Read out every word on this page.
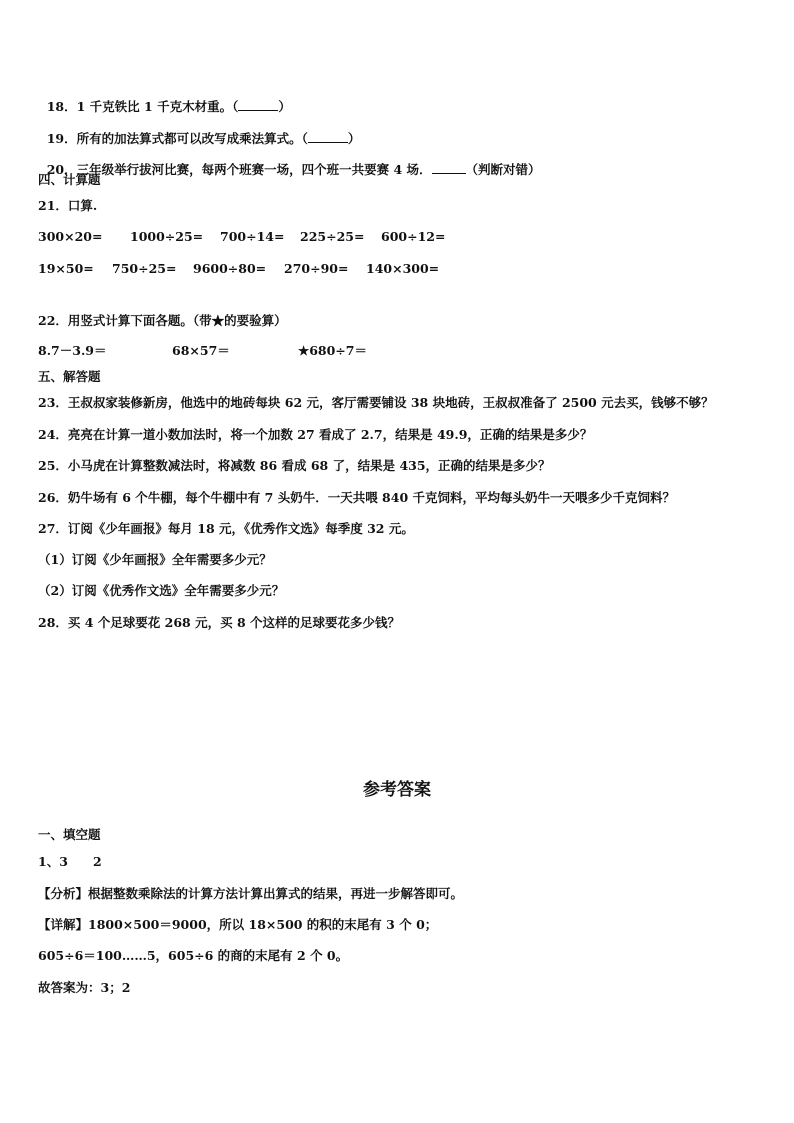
18．1 千克铁比 1 千克木材重。（	）

19．所有的加法算式都可以改写成乘法算式。（	）

20．三年级举行拔河比赛，每两个班赛一场，四个班一共要赛 4 场．	（判断对错）

四、计算题
21．口算.
300×20= 1000÷25= 700÷14= 225÷25= 600÷12=
19×50= 750÷25= 9600÷80= 270÷90= 140×300=
22．用竖式计算下面各题。（带★的要验算）
8.7－3.9＝	68×57＝	★680÷7＝
五、解答题
23．王叔叔家装修新房，他选中的地砖每块 62 元，客厅需要铺设 38 块地砖，王叔叔准备了 2500 元去买，钱够不够？
24．亮亮在计算一道小数加法时，将一个加数 27 看成了 2.7，结果是 49.9，正确的结果是多少？
25．小马虎在计算整数减法时，将减数 86 看成 68 了，结果是 435，正确的结果是多少？
26．奶牛场有 6 个牛棚，每个牛棚中有 7 头奶牛．一天共喂 840 千克饲料，平均每头奶牛一天喂多少千克饲料？
27．订阅《少年画报》每月 18 元，《优秀作文选》每季度 32 元。
（1）订阅《少年画报》全年需要多少元？
（2）订阅《优秀作文选》全年需要多少元？
28．买 4 个足球要花 268 元，买 8 个这样的足球要花多少钱？
参考答案
一、填空题
1、3 2
【分析】根据整数乘除法的计算方法计算出算式的结果，再进一步解答即可。
【详解】1800×500＝9000，所以 18×500 的积的末尾有 3 个 0；
605÷6＝100……5，605÷6 的商的末尾有 2 个 0。
故答案为：3；2
